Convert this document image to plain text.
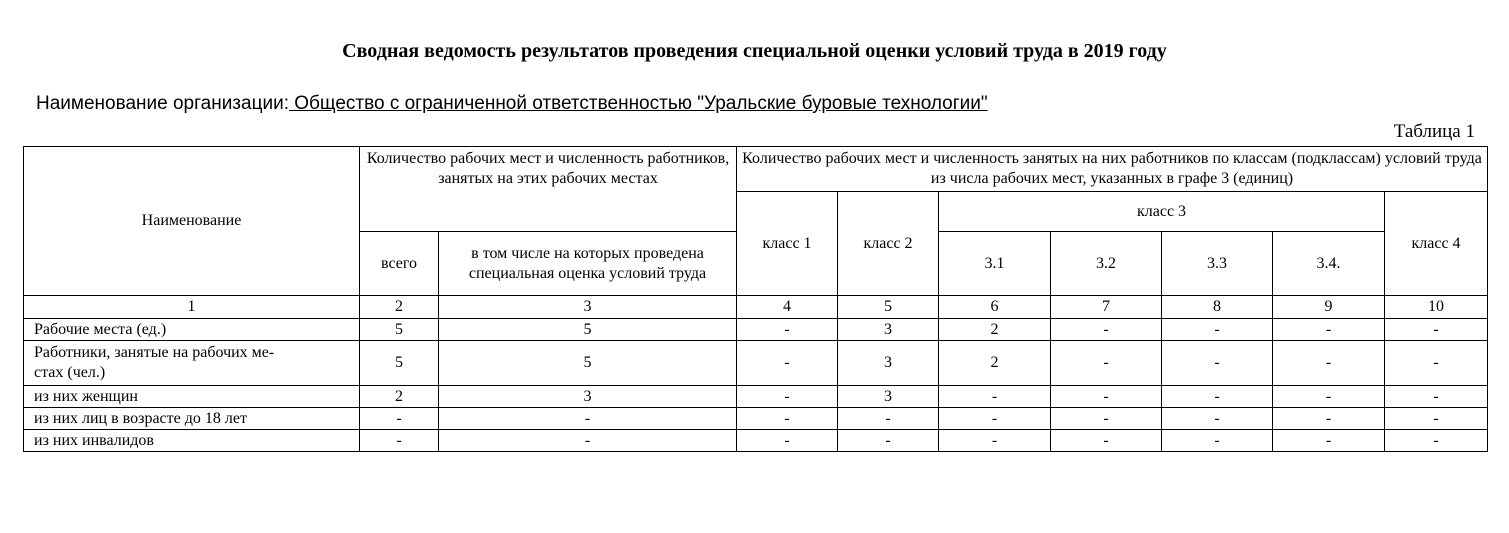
Сводная ведомость результатов проведения специальной оценки условий труда в 2019 году
Наименование организации: Общество с ограниченной ответственностью "Уральские буровые технологии"
Таблица 1
Наименование	Количество рабочих мест и численность работников, занятых на этих рабочих местах		Количество рабочих мест и численность занятых на них работников по классам (подклассам) условий труда из числа рабочих мест, указанных в графе 3 (единиц)						
			класс 1	класс 2	класс 3				класс 4
	всего	в том числе на которых проведена специальная оценка условий труда			3.1	3.2	3.3	3.4.	
1	2	3	4	5	6	7	8	9	10
Рабочие места (ед.)	5	5	-	3	2	-	-	-	-
Работники, занятые на рабочих ме-
стах (чел.)	5	5	-	3	2	-	-	-	-
из них женщин	2	3	-	3	-	-	-	-	-
из них лиц в возрасте до 18 лет	-	-	-	-	-	-	-	-	-
из них инвалидов	-	-	-	-	-	-	-	-	-
